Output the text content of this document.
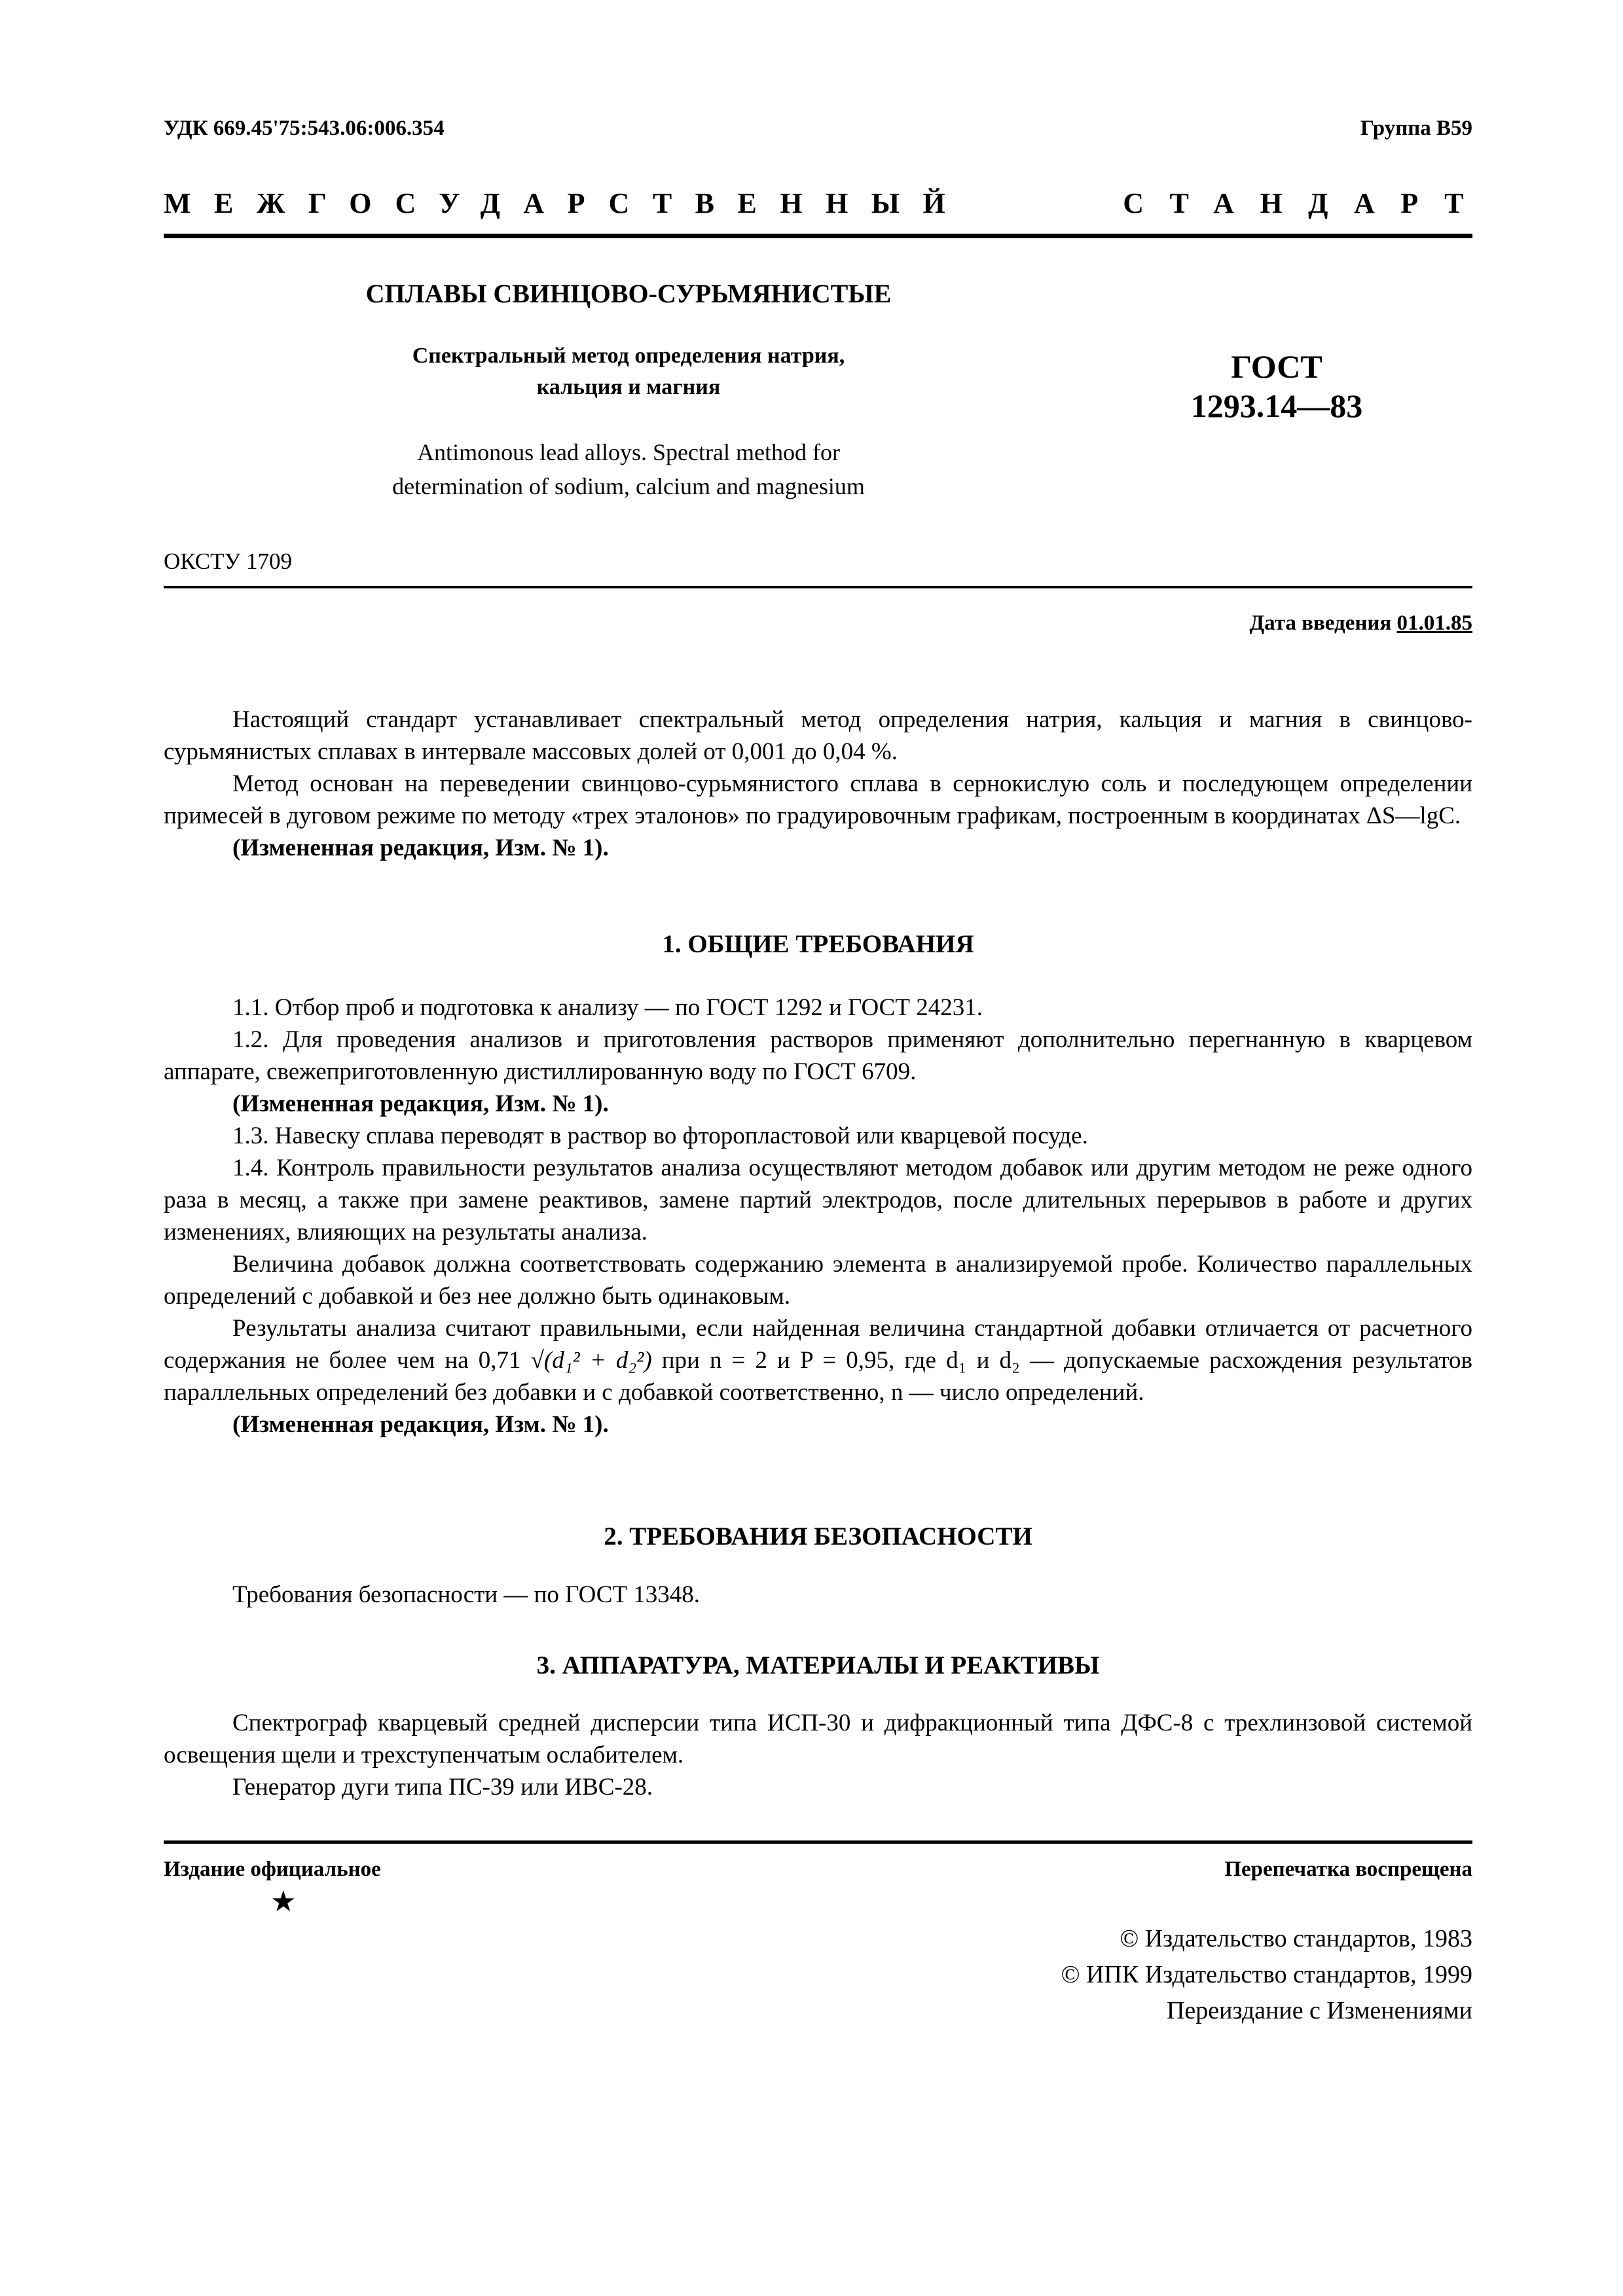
УДК 669.45'75:543.06:006.354	Группа В59
МЕЖГОСУДАРСТВЕННЫЙ	СТАНДАРТ
СПЛАВЫ СВИНЦОВО-СУРЬМЯНИСТЫЕ
Спектральный метод определения натрия,
кальция и магния
Antimonous lead alloys. Spectral method for
determination of sodium, calcium and magnesium
ГОСТ
1293.14—83
ОКСТУ 1709
Дата введения 01.01.85

Настоящий стандарт устанавливает спектральный метод определения натрия, кальция и магния в свинцово-сурьмянистых сплавах в интервале массовых долей от 0,001 до 0,04 %.

Метод основан на переведении свинцово-сурьмянистого сплава в сернокислую соль и последующем определении примесей в дуговом режиме по методу «трех эталонов» по градуировочным графикам, построенным в координатах ΔS—lgC.

(Измененная редакция, Изм. № 1).

1. ОБЩИЕ ТРЕБОВАНИЯ

1.1. Отбор проб и подготовка к анализу — по ГОСТ 1292 и ГОСТ 24231.

1.2. Для проведения анализов и приготовления растворов применяют дополнительно перегнанную в кварцевом аппарате, свежеприготовленную дистиллированную воду по ГОСТ 6709.

(Измененная редакция, Изм. № 1).

1.3. Навеску сплава переводят в раствор во фторопластовой или кварцевой посуде.

1.4. Контроль правильности результатов анализа осуществляют методом добавок или другим методом не реже одного раза в месяц, а также при замене реактивов, замене партий электродов, после длительных перерывов в работе и других изменениях, влияющих на результаты анализа.

Величина добавок должна соответствовать содержанию элемента в анализируемой пробе. Количество параллельных определений с добавкой и без нее должно быть одинаковым.

Результаты анализа считают правильными, если найденная величина стандартной добавки отличается от расчетного содержания не более чем на 0,71 √(d₁² + d₂²) при n = 2 и P = 0,95, где d₁ и d₂ — допускаемые расхождения результатов параллельных определений без добавки и с добавкой соответственно, n — число определений.

(Измененная редакция, Изм. № 1).

2. ТРЕБОВАНИЯ БЕЗОПАСНОСТИ

Требования безопасности — по ГОСТ 13348.

3. АППАРАТУРА, МАТЕРИАЛЫ И РЕАКТИВЫ

Спектрограф кварцевый средней дисперсии типа ИСП-30 и дифракционный типа ДФС-8 с трехлинзовой системой освещения щели и трехступенчатым ослабителем.

Генератор дуги типа ПС-39 или ИВС-28.

Издание официальное	Перепечатка воспрещена
★
© Издательство стандартов, 1983
© ИПК Издательство стандартов, 1999
Переиздание с Изменениями
